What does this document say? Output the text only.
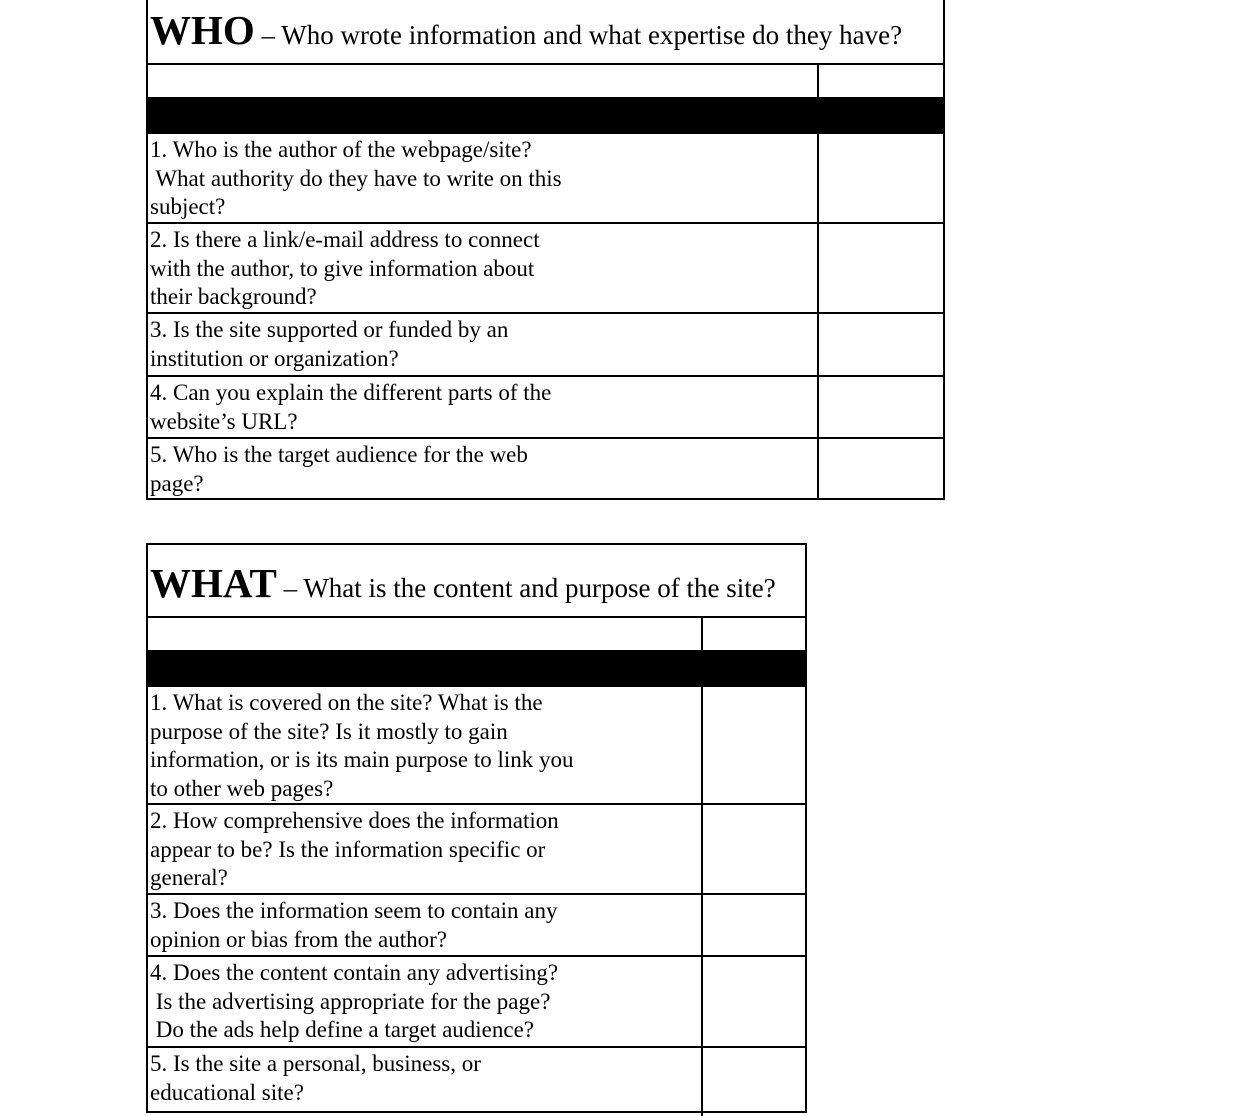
WHO – Who wrote information and what expertise do they have?
1. Who is the author of the webpage/site?
What authority do they have to write on this
subject?
2. Is there a link/e-mail address to connect
with the author, to give information about
their background?
3. Is the site supported or funded by an
institution or organization?
4. Can you explain the different parts of the
website’s URL?
5. Who is the target audience for the web
page?
WHAT – What is the content and purpose of the site?
1. What is covered on the site? What is the
purpose of the site? Is it mostly to gain
information, or is its main purpose to link you
to other web pages?
2. How comprehensive does the information
appear to be? Is the information specific or
general?
3. Does the information seem to contain any
opinion or bias from the author?
4. Does the content contain any advertising?
Is the advertising appropriate for the page?
Do the ads help define a target audience?
5. Is the site a personal, business, or
educational site?
